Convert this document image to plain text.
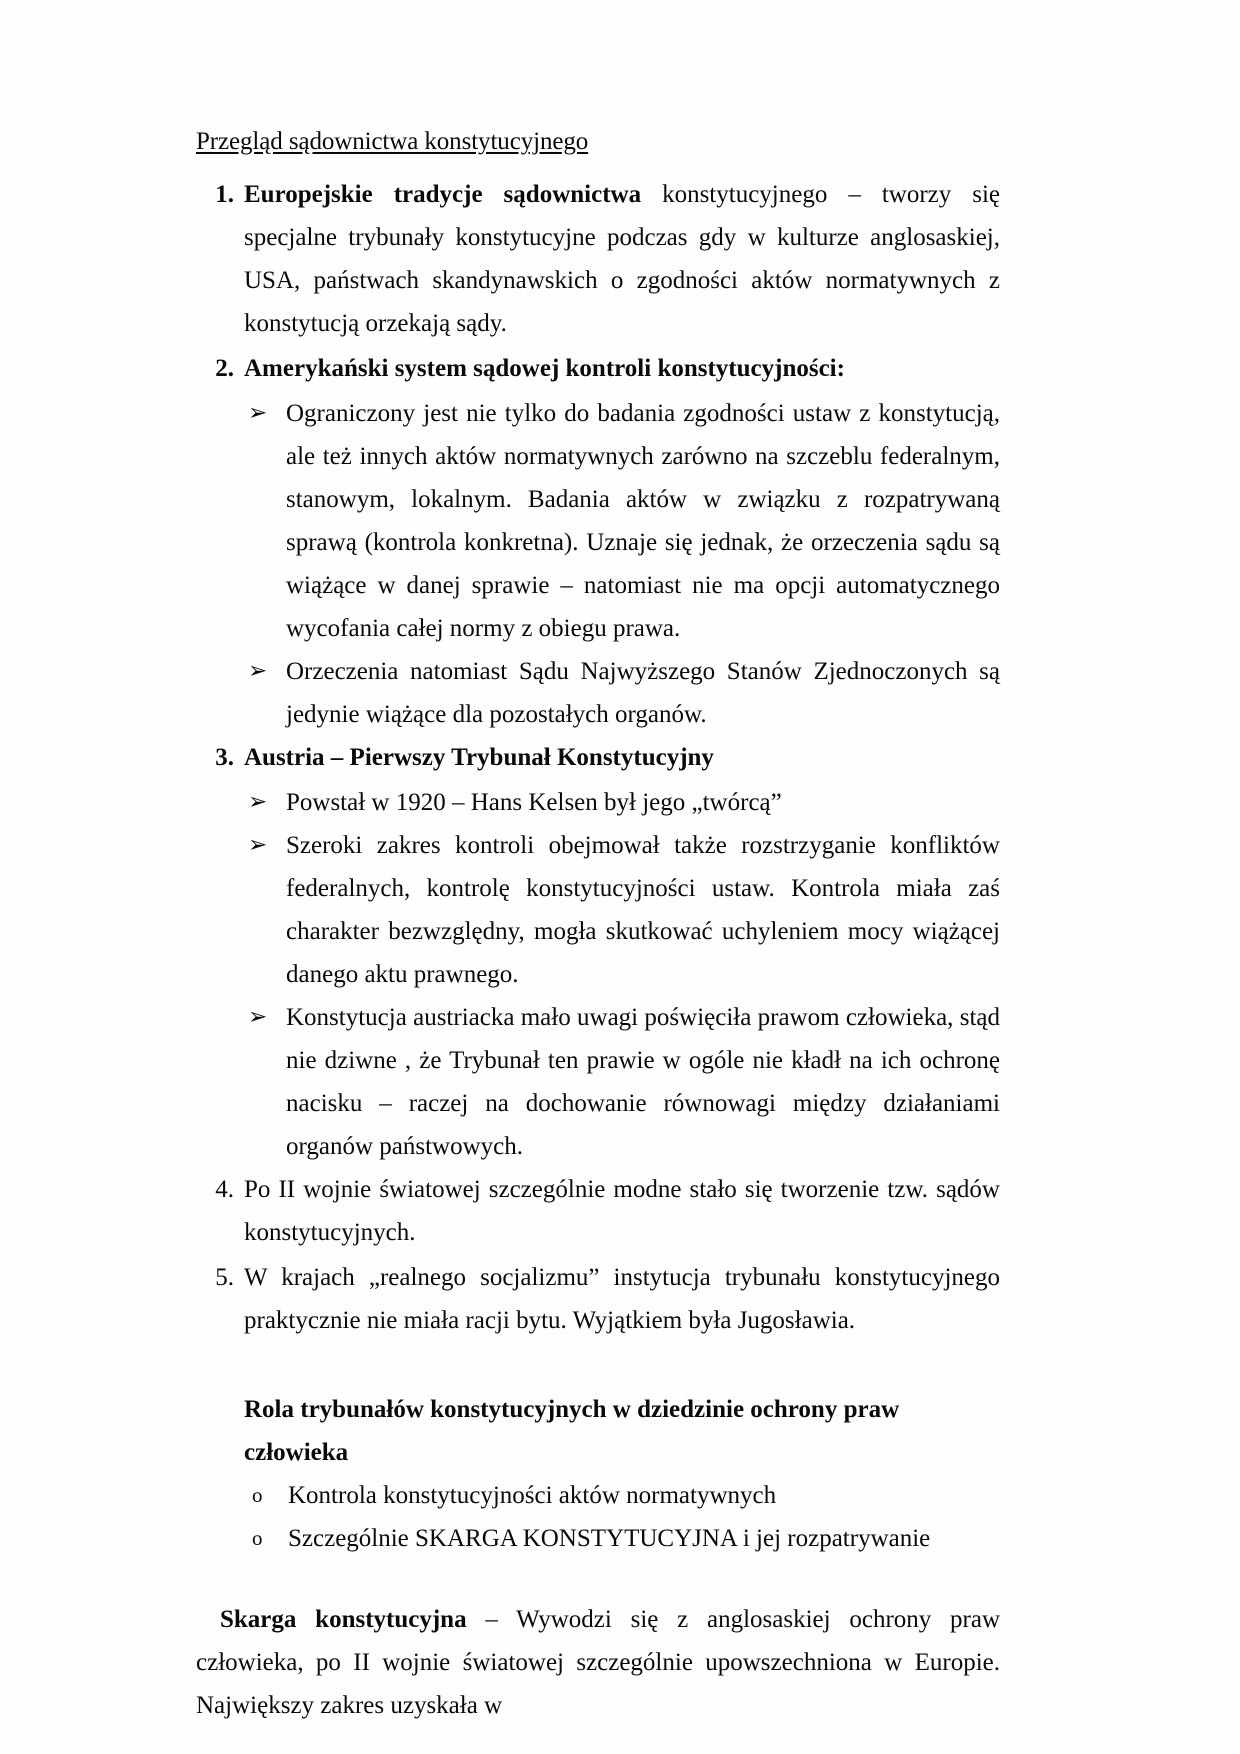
Przegląd sądownictwa konstytucyjnego
1. Europejskie tradycje sądownictwa konstytucyjnego – tworzy się specjalne trybunały konstytucyjne podczas gdy w kulturze anglosaskiej, USA, państwach skandynawskich o zgodności aktów normatywnych z konstytucją orzekają sądy.

2. Amerykański system sądowej kontroli konstytucyjności:

➢ Ograniczony jest nie tylko do badania zgodności ustaw z konstytucją, ale też innych aktów normatywnych zarówno na szczeblu federalnym, stanowym, lokalnym. Badania aktów w związku z rozpatrywaną sprawą (kontrola konkretna). Uznaje się jednak, że orzeczenia sądu są wiążące w danej sprawie – natomiast nie ma opcji automatycznego wycofania całej normy z obiegu prawa.

➢ Orzeczenia natomiast Sądu Najwyższego Stanów Zjednoczonych są jedynie wiążące dla pozostałych organów.

3. Austria – Pierwszy Trybunał Konstytucyjny

➢ Powstał w 1920 – Hans Kelsen był jego „twórcą”

➢ Szeroki zakres kontroli obejmował także rozstrzyganie konfliktów federalnych, kontrolę konstytucyjności ustaw. Kontrola miała zaś charakter bezwzględny, mogła skutkować uchyleniem mocy wiążącej danego aktu prawnego.

➢ Konstytucja austriacka mało uwagi poświęciła prawom człowieka, stąd nie dziwne , że Trybunał ten prawie w ogóle nie kładł na ich ochronę nacisku – raczej na dochowanie równowagi między działaniami organów państwowych.

4. Po II wojnie światowej szczególnie modne stało się tworzenie tzw. sądów konstytucyjnych.

5. W krajach „realnego socjalizmu” instytucja trybunału konstytucyjnego praktycznie nie miała racji bytu. Wyjątkiem była Jugosławia.

Rola trybunałów konstytucyjnych w dziedzinie ochrony praw człowieka
o Kontrola konstytucyjności aktów normatywnych

o Szczególnie SKARGA KONSTYTUCYJNA i jej rozpatrywanie

Skarga konstytucyjna – Wywodzi się z anglosaskiej ochrony praw człowieka, po II wojnie światowej szczególnie upowszechniona w Europie. Największy zakres uzyskała w
